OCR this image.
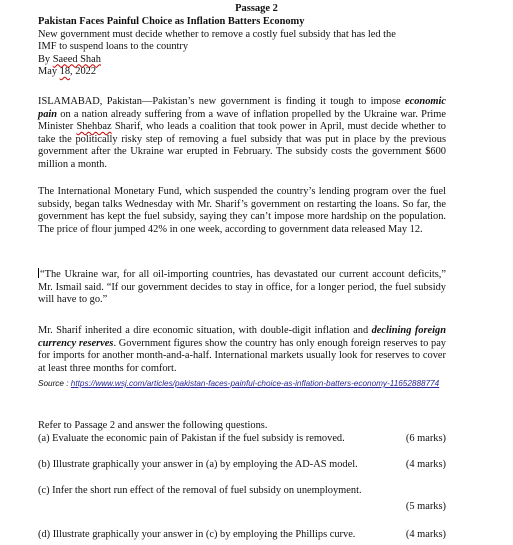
Passage 2
Pakistan Faces Painful Choice as Inflation Batters Economy
New government must decide whether to remove a costly fuel subsidy that has led the
IMF to suspend loans to the country
By Saeed Shah
May 18, 2022
ISLAMABAD, Pakistan—Pakistan’s new government is finding it tough to impose economic pain on a nation already suffering from a wave of inflation propelled by the Ukraine war. Prime Minister Shehbaz Sharif, who leads a coalition that took power in April, must decide whether to take the politically risky step of removing a fuel subsidy that was put in place by the previous government after the Ukraine war erupted in February. The subsidy costs the government $600 million a month.
The International Monetary Fund, which suspended the country’s lending program over the fuel subsidy, began talks Wednesday with Mr. Sharif’s government on restarting the loans. So far, the government has kept the fuel subsidy, saying they can’t impose more hardship on the population. The price of flour jumped 42% in one week, according to government data released May 12.
“The Ukraine war, for all oil-importing countries, has devastated our current account deficits,” Mr. Ismail said. “If our government decides to stay in office, for a longer period, the fuel subsidy will have to go.”
Mr. Sharif inherited a dire economic situation, with double-digit inflation and declining foreign currency reserves. Government figures show the country has only enough foreign reserves to pay for imports for another month-and-a-half. International markets usually look for reserves to cover at least three months for comfort.
Source : https://www.wsj.com/articles/pakistan-faces-painful-choice-as-inflation-batters-economy-11652888774
Refer to Passage 2 and answer the following questions.
(a) Evaluate the economic pain of Pakistan if the fuel subsidy is removed.	(6 marks)
(b) Illustrate graphically your answer in (a) by employing the AD-AS model.	(4 marks)
(c) Infer the short run effect of the removal of fuel subsidy on unemployment.
(5 marks)
(d) Illustrate graphically your answer in (c) by employing the Phillips curve.	(4 marks)
